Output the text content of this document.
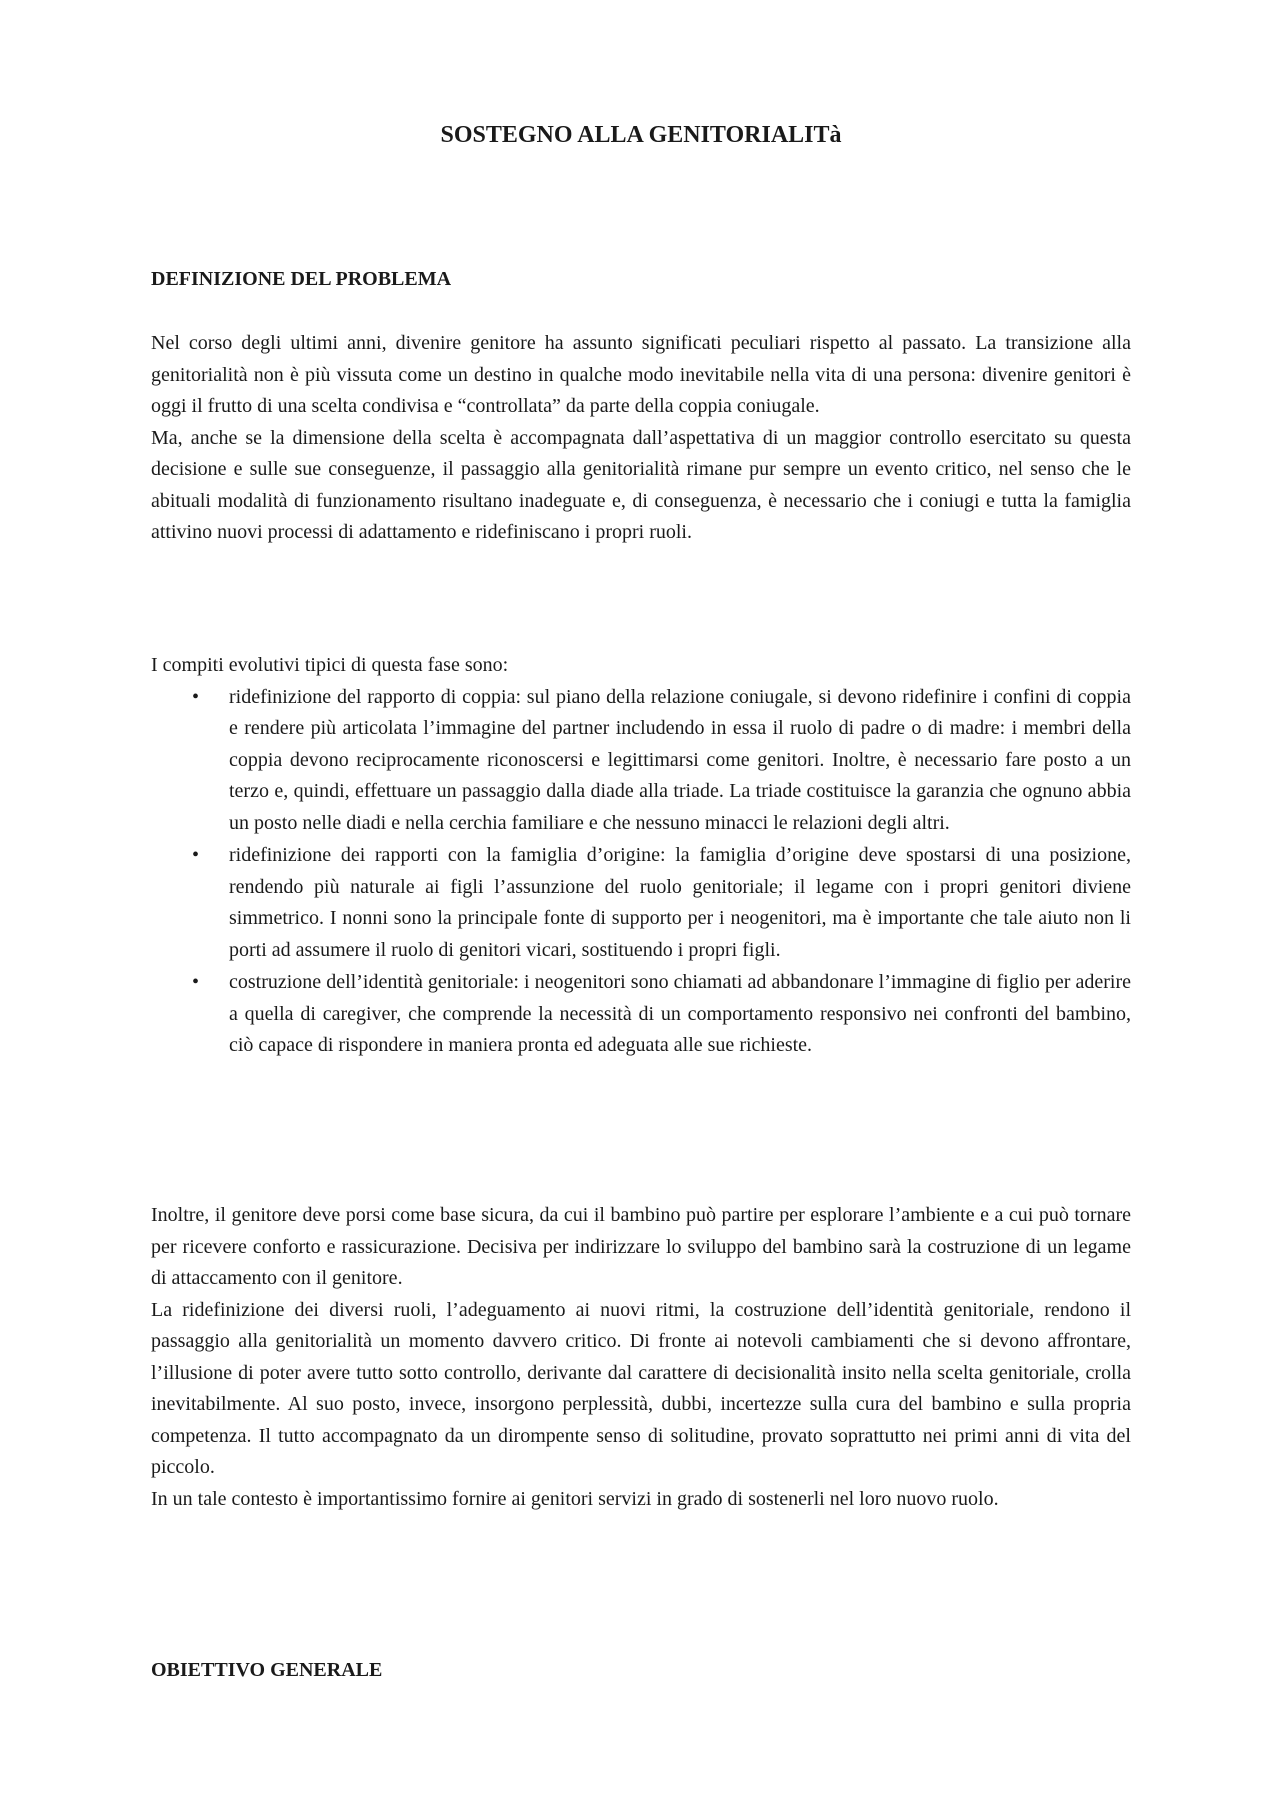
SOSTEGNO ALLA GENITORIALITà
DEFINIZIONE DEL PROBLEMA

Nel corso degli ultimi anni, divenire genitore ha assunto significati peculiari rispetto al passato. La transizione alla genitorialità non è più vissuta come un destino in qualche modo inevitabile nella vita di una persona: divenire genitori è oggi il frutto di una scelta condivisa e “controllata” da parte della coppia coniugale.

Ma, anche se la dimensione della scelta è accompagnata dall’aspettativa di un maggior controllo esercitato su questa decisione e sulle sue conseguenze, il passaggio alla genitorialità rimane pur sempre un evento critico, nel senso che le abituali modalità di funzionamento risultano inadeguate e, di conseguenza, è necessario che i coniugi e tutta la famiglia attivino nuovi processi di adattamento e ridefiniscano i propri ruoli.

I compiti evolutivi tipici di questa fase sono:

• ridefinizione del rapporto di coppia: sul piano della relazione coniugale, si devono ridefinire i confini di coppia e rendere più articolata l’immagine del partner includendo in essa il ruolo di padre o di madre: i membri della coppia devono reciprocamente riconoscersi e legittimarsi come genitori. Inoltre, è necessario fare posto a un terzo e, quindi, effettuare un passaggio dalla diade alla triade. La triade costituisce la garanzia che ognuno abbia un posto nelle diadi e nella cerchia familiare e che nessuno minacci le relazioni degli altri.
• ridefinizione dei rapporti con la famiglia d’origine: la famiglia d’origine deve spostarsi di una posizione, rendendo più naturale ai figli l’assunzione del ruolo genitoriale; il legame con i propri genitori diviene simmetrico. I nonni sono la principale fonte di supporto per i neogenitori, ma è importante che tale aiuto non li porti ad assumere il ruolo di genitori vicari, sostituendo i propri figli.
• costruzione dell’identità genitoriale: i neogenitori sono chiamati ad abbandonare l’immagine di figlio per aderire a quella di caregiver, che comprende la necessità di un comportamento responsivo nei confronti del bambino, ciò capace di rispondere in maniera pronta ed adeguata alle sue richieste.

Inoltre, il genitore deve porsi come base sicura, da cui il bambino può partire per esplorare l’ambiente e a cui può tornare per ricevere conforto e rassicurazione. Decisiva per indirizzare lo sviluppo del bambino sarà la costruzione di un legame di attaccamento con il genitore.

La ridefinizione dei diversi ruoli, l’adeguamento ai nuovi ritmi, la costruzione dell’identità genitoriale, rendono il passaggio alla genitorialità un momento davvero critico. Di fronte ai notevoli cambiamenti che si devono affrontare, l’illusione di poter avere tutto sotto controllo, derivante dal carattere di decisionalità insito nella scelta genitoriale, crolla inevitabilmente. Al suo posto, invece, insorgono perplessità, dubbi, incertezze sulla cura del bambino e sulla propria competenza. Il tutto accompagnato da un dirompente senso di solitudine, provato soprattutto nei primi anni di vita del piccolo.

In un tale contesto è importantissimo fornire ai genitori servizi in grado di sostenerli nel loro nuovo ruolo.

OBIETTIVO GENERALE
